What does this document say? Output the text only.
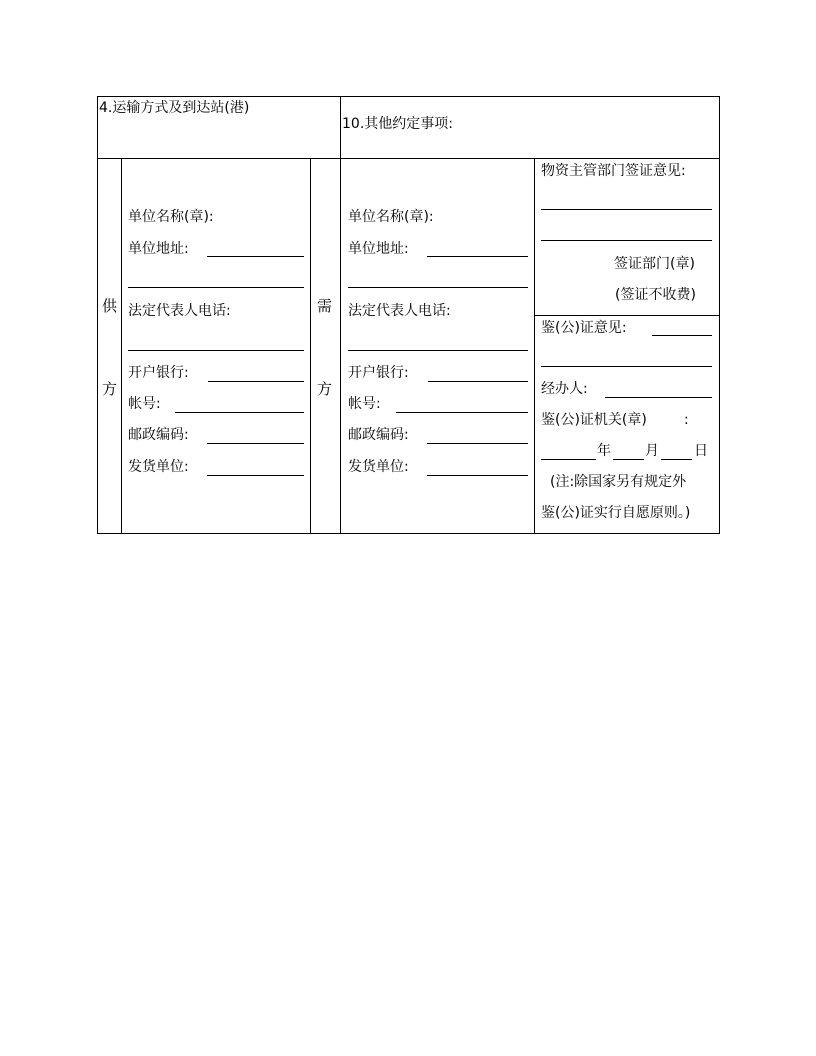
4.运输方式及到达站(港)
10.其他约定事项:
供
方
单位名称(章):
单位地址:
法定代表人电话:
开户银行:
帐号:
邮政编码:
发货单位:
需
方
单位名称(章):
单位地址:
法定代表人电话:
开户银行:
帐号:
邮政编码:
发货单位:
物资主管部门签证意见:
签证部门(章)
(签证不收费)
鉴(公)证意见:
经办人:
鉴(公)证机关(章)	:
年 月	日
(注:除国家另有规定外
鉴(公)证实行自愿原则。)
